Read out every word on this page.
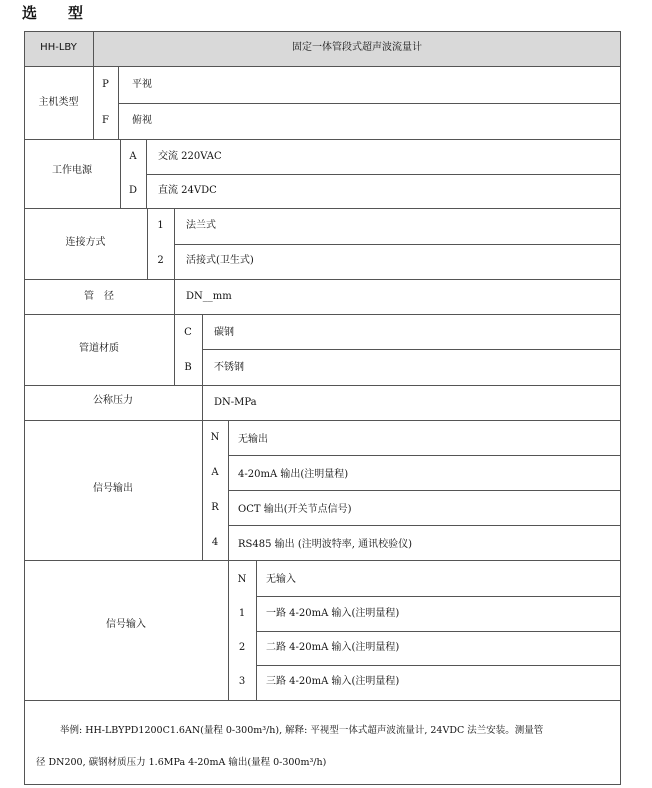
选　型
HH-LBY	固定一体管段式超声波流量计
主机类型
P	平视
F	俯视
工作电源
A	交流 220VAC
D	直流 24VDC
连接方式
1	法兰式
2	活接式(卫生式)
管　径	DN__mm
管道材质
C	碳钢
B	不锈钢
公称压力	DN-MPa
信号输出
N	无输出
A	4-20mA 输出(注明量程)
R	OCT 输出(开关节点信号)
4	RS485 输出 (注明波特率, 通讯校验仪)
信号输入
N	无输入
1	一路 4-20mA 输入(注明量程)
2	二路 4-20mA 输入(注明量程)
3	三路 4-20mA 输入(注明量程)
举例: HH-LBYPD1200C1.6AN(量程 0-300m³/h), 解释: 平视型一体式超声波流量计, 24VDC 法兰安装。测量管
径 DN200, 碳钢材质压力 1.6MPa 4-20mA 输出(量程 0-300m³/h)
